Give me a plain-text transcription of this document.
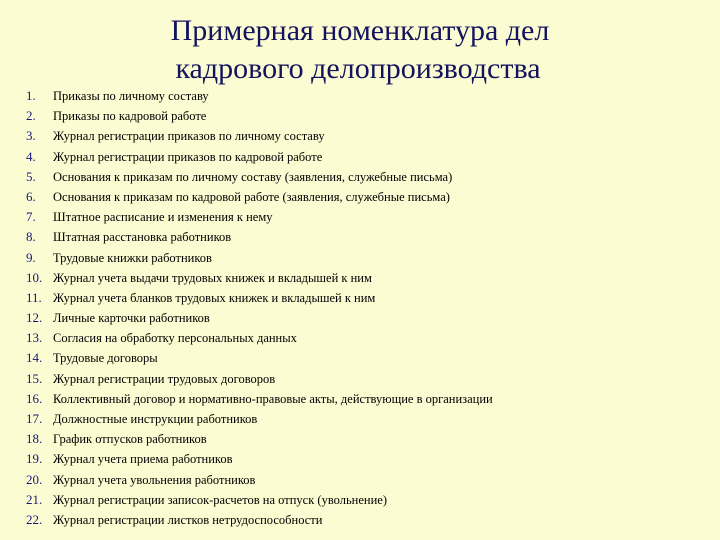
Примерная номенклатура дел
кадрового делопроизводства
1.	Приказы по личному составу
2.	Приказы по кадровой работе
3.	Журнал регистрации приказов по личному составу
4.	Журнал регистрации приказов по кадровой работе
5.	Основания к приказам по личному составу (заявления, служебные письма)
6.	Основания к приказам по кадровой работе (заявления, служебные письма)
7.	Штатное расписание и изменения к нему
8.	Штатная расстановка работников
9.	Трудовые книжки работников
10. Журнал учета выдачи трудовых книжек и вкладышей к ним
11. Журнал учета бланков трудовых книжек и вкладышей к ним
12. Личные карточки работников
13. Согласия на обработку персональных данных
14. Трудовые договоры
15. Журнал регистрации трудовых договоров
16. Коллективный договор и нормативно-правовые акты, действующие в организации
17. Должностные инструкции работников
18. График отпусков работников
19. Журнал учета приема работников
20. Журнал учета увольнения работников
21. Журнал регистрации записок-расчетов на отпуск (увольнение)
22. Журнал регистрации листков нетрудоспособности
